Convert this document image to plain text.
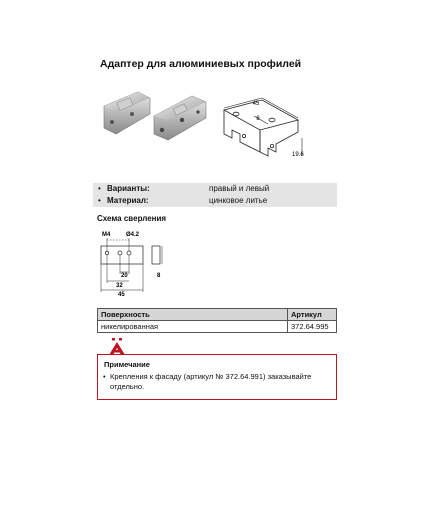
Адаптер для алюминиевых профилей
45
8
19.6
• Варианты:	правый и левый
• Материал:	цинковое литье
Схема сверления
M4	Ø4.2
20
32
45
8
Поверхность	Артикул
никелированная	372.64.995
Примечание
• Крепления к фасаду (артикул № 372.64.991) заказывайте отдельно.
